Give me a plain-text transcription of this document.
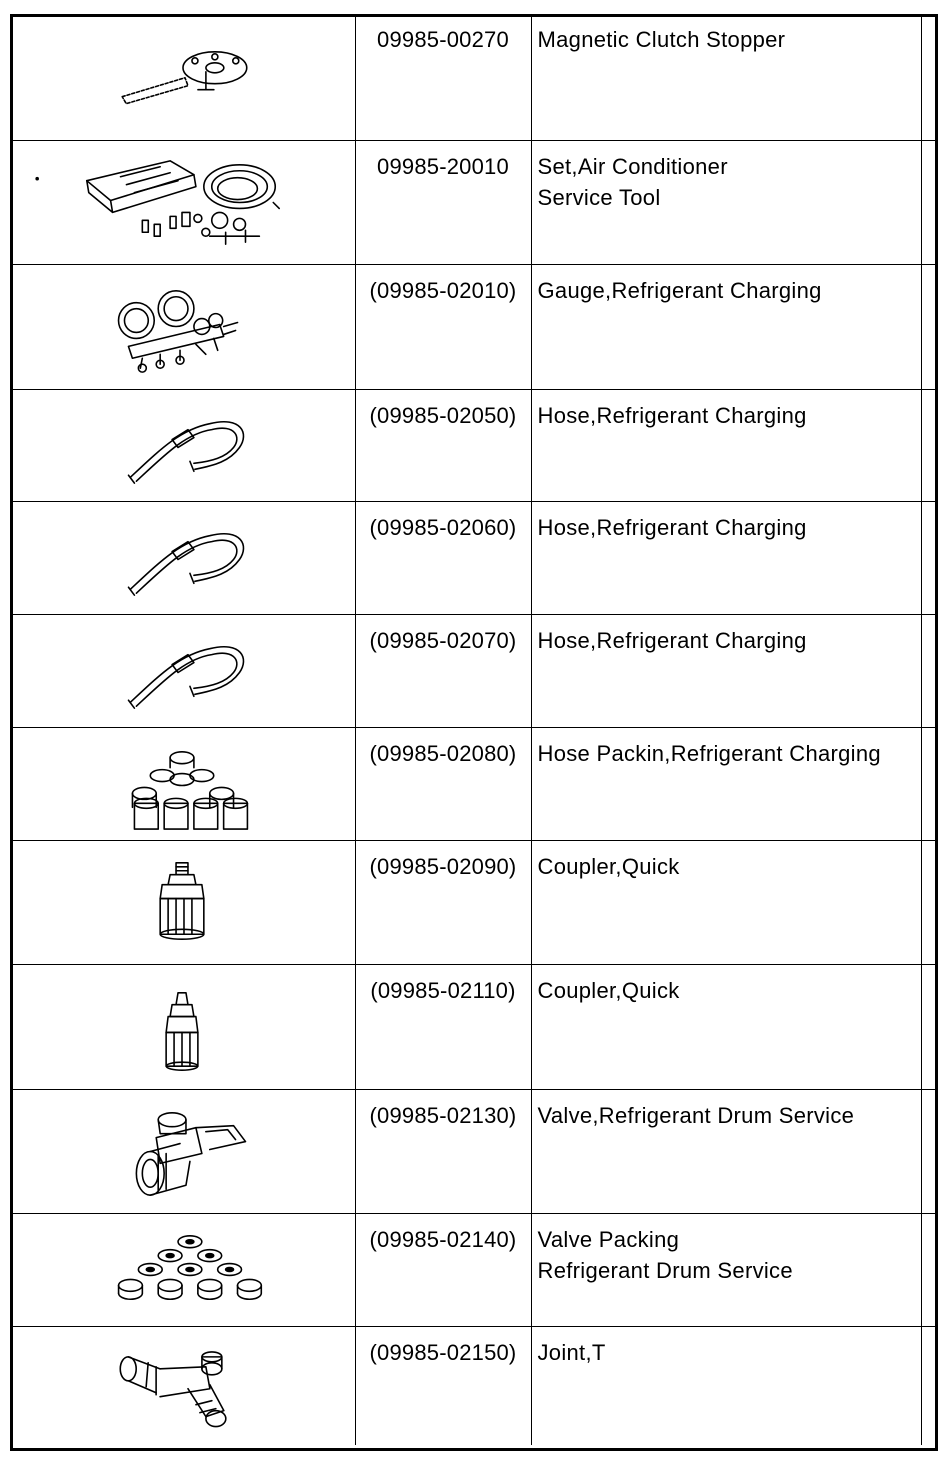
	09985-00270	Magnetic Clutch Stopper	

	09985-20010	Set,Air Conditioner
Service Tool	

	(09985-02010)	Gauge,Refrigerant Charging	

	(09985-02050)	Hose,Refrigerant Charging	

	(09985-02060)	Hose,Refrigerant Charging	

	(09985-02070)	Hose,Refrigerant Charging	

	(09985-02080)	Hose Packin,Refrigerant Charging	

	(09985-02090)	Coupler,Quick	

	(09985-02110)	Coupler,Quick	

	(09985-02130)	Valve,Refrigerant Drum Service	

	(09985-02140)	Valve Packing
Refrigerant Drum Service	

	(09985-02150)	Joint,T	
